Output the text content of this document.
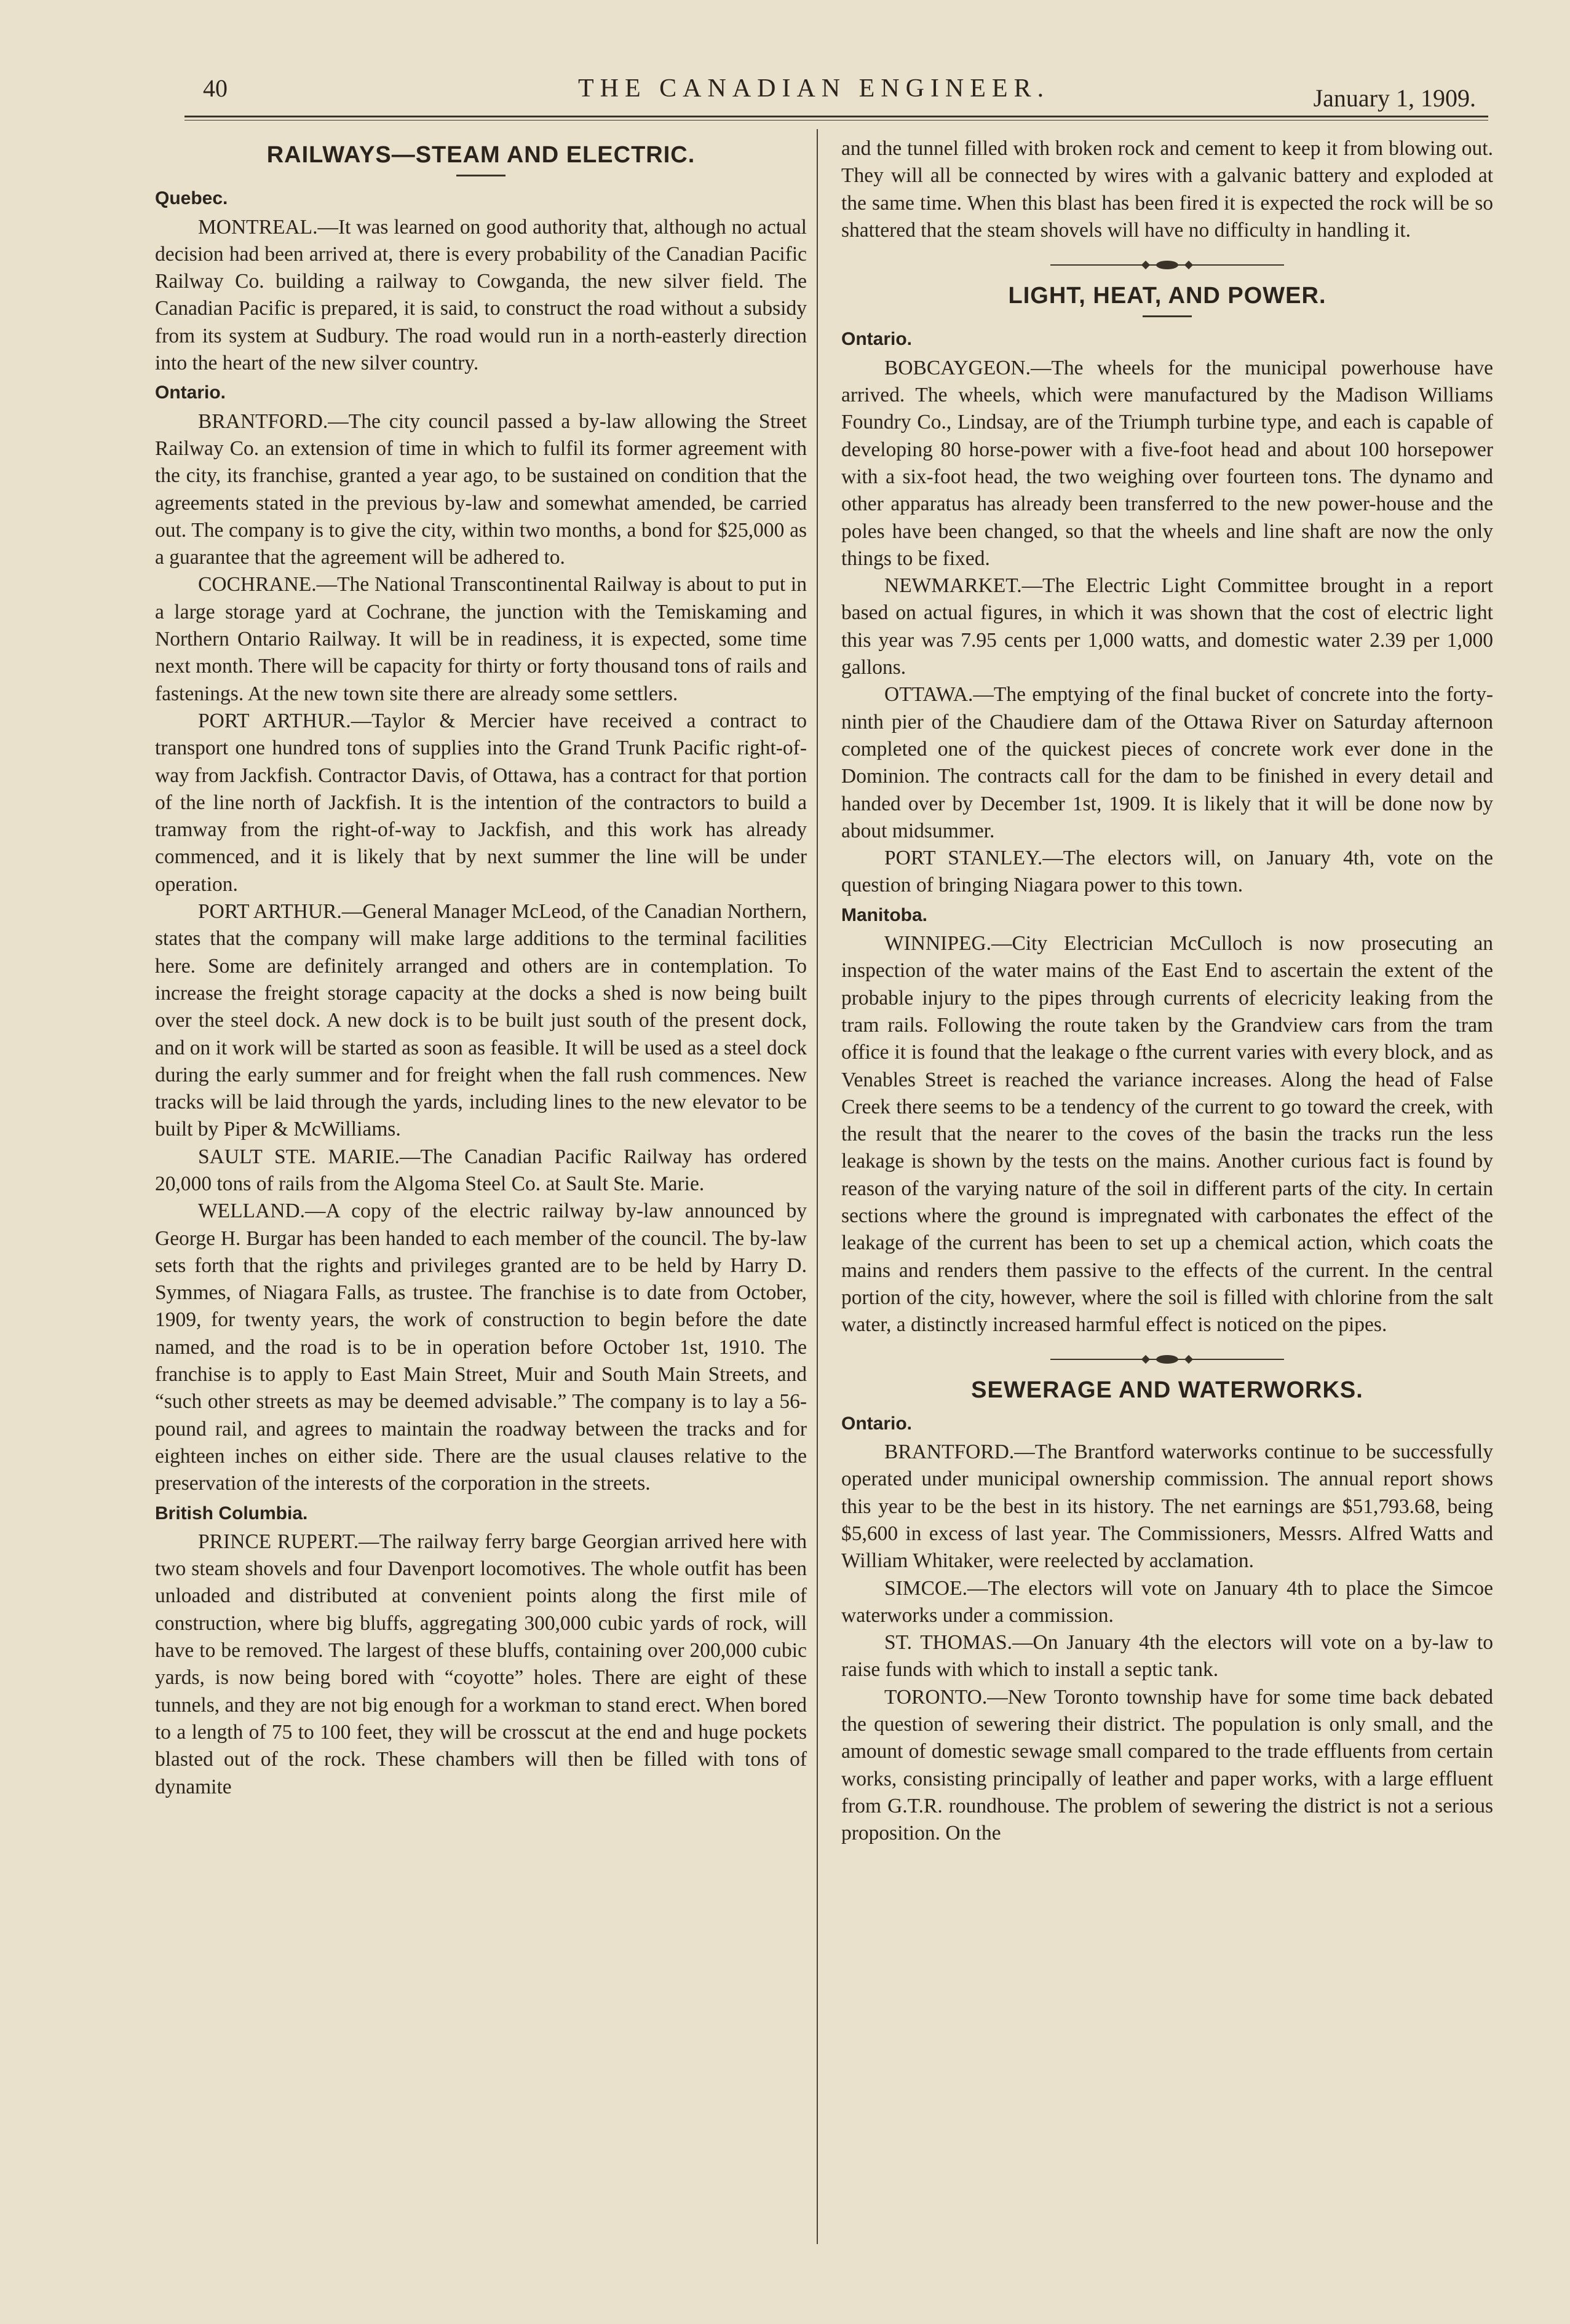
40	THE CANADIAN ENGINEER.	January 1, 1909.
RAILWAYS—STEAM AND ELECTRIC.
Quebec.

MONTREAL.—It was learned on good authority that, although no actual decision had been arrived at, there is every probability of the Canadian Pacific Railway Co. building a railway to Cowganda, the new silver field. The Canadian Pacific is prepared, it is said, to construct the road without a subsidy from its system at Sudbury. The road would run in a north-easterly direction into the heart of the new silver country.

Ontario.

BRANTFORD.—The city council passed a by-law allowing the Street Railway Co. an extension of time in which to fulfil its former agreement with the city, its franchise, granted a year ago, to be sustained on condition that the agreements stated in the previous by-law and somewhat amended, be carried out. The company is to give the city, within two months, a bond for $25,000 as a guarantee that the agreement will be adhered to.

COCHRANE.—The National Transcontinental Railway is about to put in a large storage yard at Cochrane, the junction with the Temiskaming and Northern Ontario Railway. It will be in readiness, it is expected, some time next month. There will be capacity for thirty or forty thousand tons of rails and fastenings. At the new town site there are already some settlers.

PORT ARTHUR.—Taylor & Mercier have received a contract to transport one hundred tons of supplies into the Grand Trunk Pacific right-of-way from Jackfish. Contractor Davis, of Ottawa, has a contract for that portion of the line north of Jackfish. It is the intention of the contractors to build a tramway from the right-of-way to Jackfish, and this work has already commenced, and it is likely that by next summer the line will be under operation.

PORT ARTHUR.—General Manager McLeod, of the Canadian Northern, states that the company will make large additions to the terminal facilities here. Some are definitely arranged and others are in contemplation. To increase the freight storage capacity at the docks a shed is now being built over the steel dock. A new dock is to be built just south of the present dock, and on it work will be started as soon as feasible. It will be used as a steel dock during the early summer and for freight when the fall rush commences. New tracks will be laid through the yards, including lines to the new elevator to be built by Piper & McWilliams.

SAULT STE. MARIE.—The Canadian Pacific Railway has ordered 20,000 tons of rails from the Algoma Steel Co. at Sault Ste. Marie.

WELLAND.—A copy of the electric railway by-law announced by George H. Burgar has been handed to each member of the council. The by-law sets forth that the rights and privileges granted are to be held by Harry D. Symmes, of Niagara Falls, as trustee. The franchise is to date from October, 1909, for twenty years, the work of construction to begin before the date named, and the road is to be in operation before October 1st, 1910. The franchise is to apply to East Main Street, Muir and South Main Streets, and “such other streets as may be deemed advisable.” The company is to lay a 56-pound rail, and agrees to maintain the roadway between the tracks and for eighteen inches on either side. There are the usual clauses relative to the preservation of the interests of the corporation in the streets.

British Columbia.

PRINCE RUPERT.—The railway ferry barge Georgian arrived here with two steam shovels and four Davenport locomotives. The whole outfit has been unloaded and distributed at convenient points along the first mile of construction, where big bluffs, aggregating 300,000 cubic yards of rock, will have to be removed. The largest of these bluffs, containing over 200,000 cubic yards, is now being bored with “coyotte” holes. There are eight of these tunnels, and they are not big enough for a workman to stand erect. When bored to a length of 75 to 100 feet, they will be crosscut at the end and huge pockets blasted out of the rock. These chambers will then be filled with tons of dynamite

and the tunnel filled with broken rock and cement to keep it from blowing out. They will all be connected by wires with a galvanic battery and exploded at the same time. When this blast has been fired it is expected the rock will be so shattered that the steam shovels will have no difficulty in handling it.

LIGHT, HEAT, AND POWER.
Ontario.

BOBCAYGEON.—The wheels for the municipal powerhouse have arrived. The wheels, which were manufactured by the Madison Williams Foundry Co., Lindsay, are of the Triumph turbine type, and each is capable of developing 80 horse-power with a five-foot head and about 100 horsepower with a six-foot head, the two weighing over fourteen tons. The dynamo and other apparatus has already been transferred to the new power-house and the poles have been changed, so that the wheels and line shaft are now the only things to be fixed.

NEWMARKET.—The Electric Light Committee brought in a report based on actual figures, in which it was shown that the cost of electric light this year was 7.95 cents per 1,000 watts, and domestic water 2.39 per 1,000 gallons.

OTTAWA.—The emptying of the final bucket of concrete into the forty-ninth pier of the Chaudiere dam of the Ottawa River on Saturday afternoon completed one of the quickest pieces of concrete work ever done in the Dominion. The contracts call for the dam to be finished in every detail and handed over by December 1st, 1909. It is likely that it will be done now by about midsummer.

PORT STANLEY.—The electors will, on January 4th, vote on the question of bringing Niagara power to this town.

Manitoba.

WINNIPEG.—City Electrician McCulloch is now prosecuting an inspection of the water mains of the East End to ascertain the extent of the probable injury to the pipes through currents of elecricity leaking from the tram rails. Following the route taken by the Grandview cars from the tram office it is found that the leakage o fthe current varies with every block, and as Venables Street is reached the variance increases. Along the head of False Creek there seems to be a tendency of the current to go toward the creek, with the result that the nearer to the coves of the basin the tracks run the less leakage is shown by the tests on the mains. Another curious fact is found by reason of the varying nature of the soil in different parts of the city. In certain sections where the ground is impregnated with carbonates the effect of the leakage of the current has been to set up a chemical action, which coats the mains and renders them passive to the effects of the current. In the central portion of the city, however, where the soil is filled with chlorine from the salt water, a distinctly increased harmful effect is noticed on the pipes.

SEWERAGE AND WATERWORKS.
Ontario.

BRANTFORD.—The Brantford waterworks continue to be successfully operated under municipal ownership commission. The annual report shows this year to be the best in its history. The net earnings are $51,793.68, being $5,600 in excess of last year. The Commissioners, Messrs. Alfred Watts and William Whitaker, were reelected by acclamation.

SIMCOE.—The electors will vote on January 4th to place the Simcoe waterworks under a commission.

ST. THOMAS.—On January 4th the electors will vote on a by-law to raise funds with which to install a septic tank.

TORONTO.—New Toronto township have for some time back debated the question of sewering their district. The population is only small, and the amount of domestic sewage small compared to the trade effluents from certain works, consisting principally of leather and paper works, with a large effluent from G.T.R. roundhouse. The problem of sewering the district is not a serious proposition. On the
